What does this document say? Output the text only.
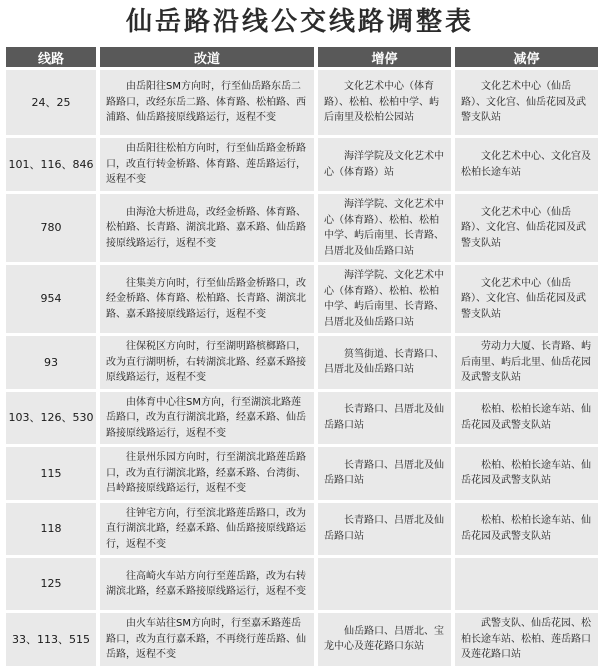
仙岳路沿线公交线路调整表
线路	改道	增停	减停
24、25	由岳阳往SM方向时，行至仙岳路东岳二路路口，改经东岳二路、体育路、松柏路、西浦路、仙岳路接原线路运行，返程不变	文化艺术中心（体育路）、松柏、松柏中学、屿后南里及松柏公园站	文化艺术中心（仙岳路）、文化宫、仙岳花园及武警支队站
101、116、846	由岳阳往松柏方向时，行至仙岳路金桥路口，改直行转金桥路、体育路、莲岳路运行，返程不变	海洋学院及文化艺术中心（体育路）站	文化艺术中心、文化宫及松柏长途车站
780	由海沧大桥进岛，改经金桥路、体育路、松柏路、长青路、湖滨北路、嘉禾路、仙岳路接原线路运行，返程不变	海洋学院、文化艺术中心（体育路）、松柏、松柏中学、屿后南里、长青路、吕厝北及仙岳路口站	文化艺术中心（仙岳路）、文化宫、仙岳花园及武警支队站
954	往集美方向时，行至仙岳路金桥路口，改经金桥路、体育路、松柏路、长青路、湖滨北路、嘉禾路接原线路运行，返程不变	海洋学院、文化艺术中心（体育路）、松柏、松柏中学、屿后南里、长青路、吕厝北及仙岳路口站	文化艺术中心（仙岳路）、文化宫、仙岳花园及武警支队站
93	往保税区方向时，行至湖明路槟榔路口，改为直行湖明桥，右转湖滨北路、经嘉禾路接原线路运行，返程不变	筼筜街道、长青路口、吕厝北及仙岳路口站	劳动力大厦、长青路、屿后南里、屿后北里、仙岳花园及武警支队站
103、126、530	由体育中心往SM方向，行至湖滨北路莲岳路口，改为直行湖滨北路，经嘉禾路、仙岳路接原线路运行，返程不变	长青路口、吕厝北及仙岳路口站	松柏、松柏长途车站、仙岳花园及武警支队站
115	往景州乐园方向时，行至湖滨北路莲岳路口，改为直行湖滨北路，经嘉禾路、台湾街、吕岭路接原线路运行，返程不变	长青路口、吕厝北及仙岳路口站	松柏、松柏长途车站、仙岳花园及武警支队站
118	往钟宅方向，行至滨北路莲岳路口，改为直行湖滨北路，经嘉禾路、仙岳路接原线路运行，返程不变	长青路口、吕厝北及仙岳路口站	松柏、松柏长途车站、仙岳花园及武警支队站
125	往高崎火车站方向行至莲岳路，改为右转湖滨北路，经嘉禾路接原线路运行，返程不变		
33、113、515	由火车站往SM方向时，行至嘉禾路莲岳路口，改为直行嘉禾路，不再绕行莲岳路、仙岳路，返程不变	仙岳路口、吕厝北、宝龙中心及莲花路口东站	武警支队、仙岳花园、松柏长途车站、松柏、莲岳路口及莲花路口站
